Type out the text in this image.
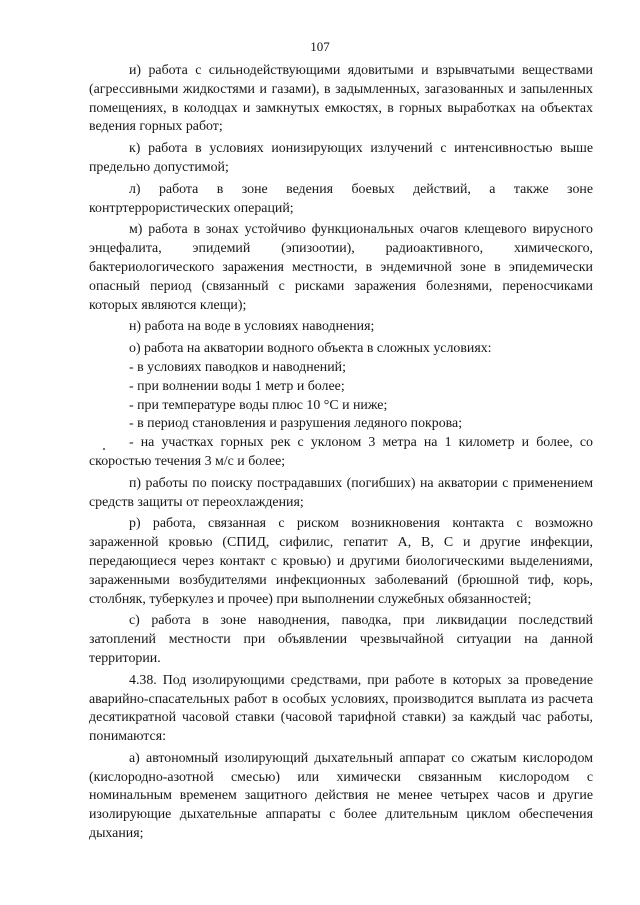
107

и) работа с сильнодействующими ядовитыми и взрывчатыми веществами (агрессивными жидкостями и газами), в задымленных, загазованных и запыленных помещениях, в колодцах и замкнутых емкостях, в горных выработках на объектах ведения горных работ;

к) работа в условиях ионизирующих излучений с интенсивностью выше предельно допустимой;

л) работа в зоне ведения боевых действий, а также зоне контртеррористических операций;

м) работа в зонах устойчиво функциональных очагов клещевого вирусного энцефалита, эпидемий (эпизоотии), радиоактивного, химического, бактериологического заражения местности, в эндемичной зоне в эпидемически опасный период (связанный с рисками заражения болезнями, переносчиками которых являются клещи);

н) работа на воде в условиях наводнения;

о) работа на акватории водного объекта в сложных условиях:

- в условиях паводков и наводнений;

- при волнении воды 1 метр и более;

- при температуре воды плюс 10 °С и ниже;

- в период становления и разрушения ледяного покрова;

- на участках горных рек с уклоном 3 метра на 1 километр и более, со скоростью течения 3 м/с и более;

п) работы по поиску пострадавших (погибших) на акватории с применением средств защиты от переохлаждения;

р) работа, связанная с риском возникновения контакта с возможно зараженной кровью (СПИД, сифилис, гепатит А, В, С и другие инфекции, передающиеся через контакт с кровью) и другими биологическими выделениями, зараженными возбудителями инфекционных заболеваний (брюшной тиф, корь, столбняк, туберкулез и прочее) при выполнении служебных обязанностей;

с) работа в зоне наводнения, паводка, при ликвидации последствий затоплений местности при объявлении чрезвычайной ситуации на данной территории.

4.38. Под изолирующими средствами, при работе в которых за проведение аварийно-спасательных работ в особых условиях, производится выплата из расчета десятикратной часовой ставки (часовой тарифной ставки) за каждый час работы, понимаются:

а) автономный изолирующий дыхательный аппарат со сжатым кислородом (кислородно-азотной смесью) или химически связанным кислородом с номинальным временем защитного действия не менее четырех часов и другие изолирующие дыхательные аппараты с более длительным циклом обеспечения дыхания;
